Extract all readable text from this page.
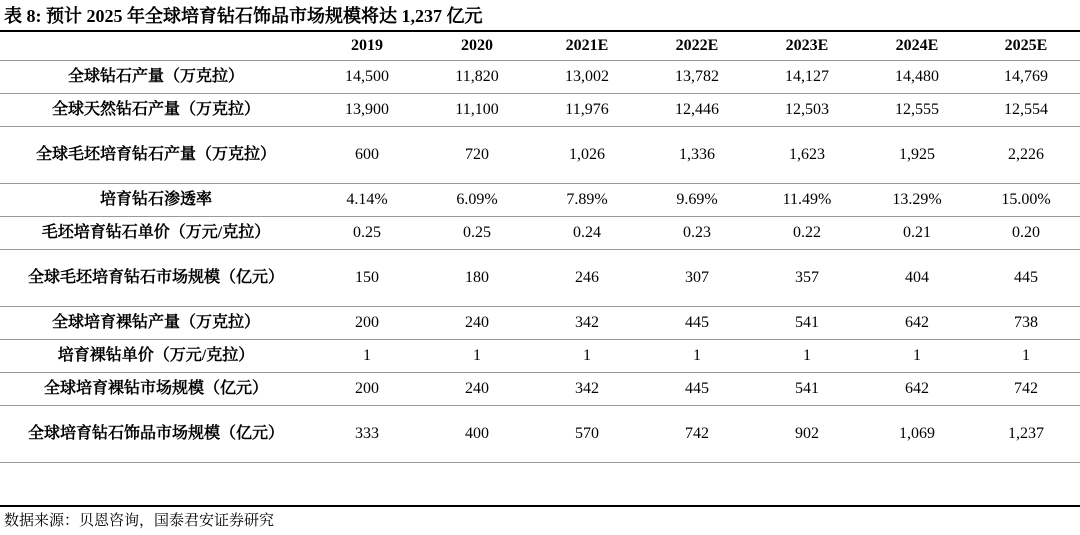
表 8: 预计 2025 年全球培育钻石饰品市场规模将达 1,237 亿元
	2019	2020	2021E	2022E	2023E	2024E	2025E

全球钻石产量（万克拉）	14,500	11,820	13,002	13,782	14,127	14,480	14,769

全球天然钻石产量（万克拉）	13,900	11,100	11,976	12,446	12,503	12,555	12,554

全球毛坯培育钻石产量（万克拉）	600	720	1,026	1,336	1,623	1,925	2,226

培育钻石渗透率	4.14%	6.09%	7.89%	9.69%	11.49%	13.29%	15.00%

毛坯培育钻石单价（万元/克拉）	0.25	0.25	0.24	0.23	0.22	0.21	0.20

全球毛坯培育钻石市场规模（亿元）	150	180	246	307	357	404	445

全球培育裸钻产量（万克拉）	200	240	342	445	541	642	738

培育裸钻单价（万元/克拉）	1	1	1	1	1	1	1

全球培育裸钻市场规模（亿元）	200	240	342	445	541	642	742

全球培育钻石饰品市场规模（亿元）	333	400	570	742	902	1,069	1,237
数据来源：贝恩咨询，国泰君安证券研究
